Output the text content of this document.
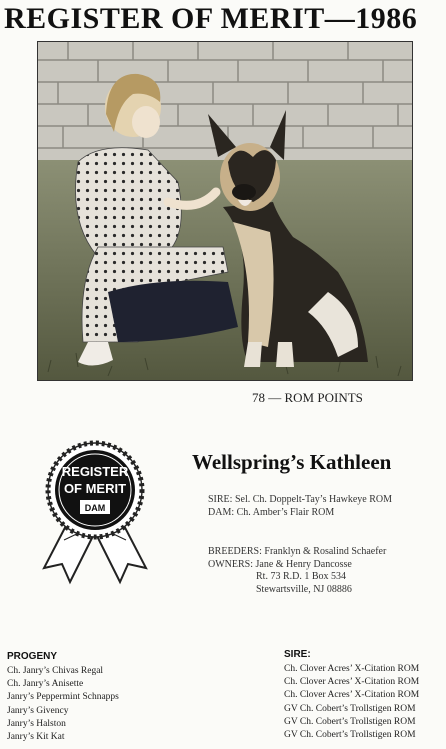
REGISTER OF MERIT—1986
78 — ROM POINTS
REGISTER
OF MERIT
DAM
Wellspring’s Kathleen
SIRE: Sel. Ch. Doppelt-Tay’s Hawkeye ROM
DAM: Ch. Amber’s Flair ROM
BREEDERS: Franklyn & Rosalind Schaefer
OWNERS: Jane & Henry Dancosse
Rt. 73 R.D. 1 Box 534
Stewartsville, NJ 08886
PROGENY
Ch. Janry’s Chivas Regal
Ch. Janry’s Anisette
Janry’s Peppermint Schnapps
Janry’s Givency
Janry’s Halston
Janry’s Kit Kat
SIRE:
Ch. Clover Acres’ X-Citation ROM
Ch. Clover Acres’ X-Citation ROM
Ch. Clover Acres’ X-Citation ROM
GV Ch. Cobert’s Trollstigen ROM
GV Ch. Cobert’s Trollstigen ROM
GV Ch. Cobert’s Trollstigen ROM
